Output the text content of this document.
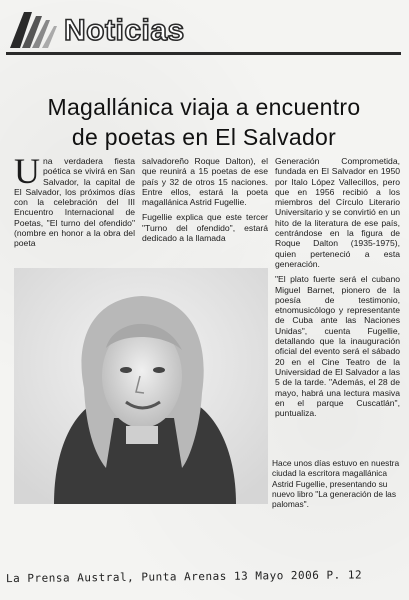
Noticias
Magallánica viaja a encuentro
de poetas en El Salvador

Una verdadera fiesta poética se vivirá en San Salvador, la capital de El Salvador, los próximos días con la celebración del III Encuentro Internacional de Poetas, "El turno del ofendido" (nombre en honor a la obra del poeta

salvadoreño Roque Dalton), el que reunirá a 15 poetas de ese país y 32 de otros 15 naciones. Entre ellos, estará la poeta magallánica Astrid Fugellie.

Fugellie explica que este tercer "Turno del ofendido", estará dedicado a la llamada

Generación Comprometida, fundada en El Salvador en 1950 por Italo López Vallecillos, pero que en 1956 recibió a los miembros del Círculo Literario Universitario y se convirtió en un hito de la literatura de ese país, centrándose en la figura de Roque Dalton (1935-1975), quien perteneció a esta generación.

"El plato fuerte será el cubano Miguel Barnet, pionero de la poesía de testimonio, etnomusicólogo y representante de Cuba ante las Naciones Unidas", cuenta Fugellie, detallando que la inauguración oficial del evento será el sábado 20 en el Cine Teatro de la Universidad de El Salvador a las 5 de la tarde. "Además, el 28 de mayo, habrá una lectura masiva en el parque Cuscatlán", puntualiza.

Hace unos días estuvo en nuestra ciudad la escritora magallánica Astrid Fugellie, presentando su nuevo libro "La generación de las palomas".
La Prensa Austral, Punta Arenas 13 Mayo 2006 P. 12
